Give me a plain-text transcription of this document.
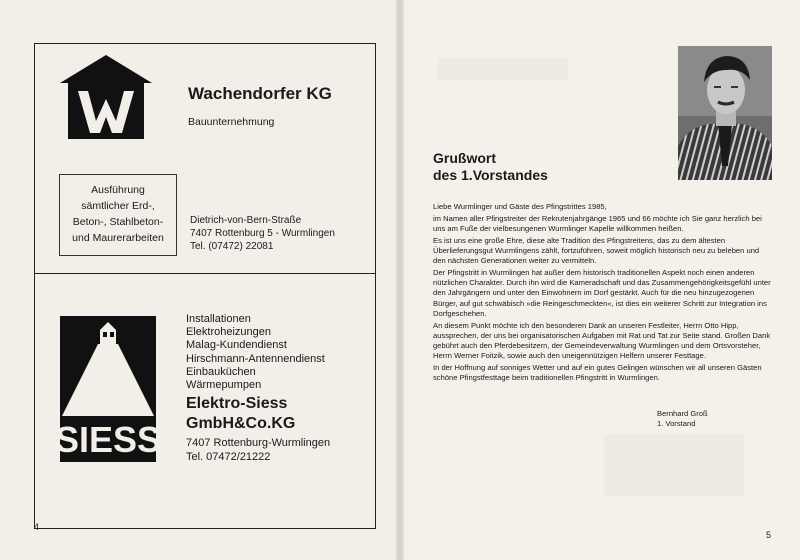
Wachendorfer KG
Bauunternehmung
Ausführung
sämtlicher Erd-,
Beton-, Stahlbeton-
und Maurerarbeiten
Dietrich-von-Bern-Straße
7407 Rottenburg 5 - Wurmlingen
Tel. (07472) 22081
SIESS
Installationen
Elektroheizungen
Malag-Kundendienst
Hirschmann-Antennendienst
Einbauküchen
Wärmepumpen
Elektro-Siess
GmbH&Co.KG
7407 Rottenburg-Wurmlingen
Tel. 07472/21222
4
Grußwort
des 1.Vorstandes

Liebe Wurmlinger und Gäste des Pfingstrittes 1985,

im Namen aller Pfingstreiter der Rekrutenjahrgänge 1965 und 66 möchte ich Sie ganz herzlich bei uns am Fuße der vielbesungenen Wurmlinger Kapelle willkommen heißen.

Es ist uns eine große Ehre, diese alte Tradition des Pfingstreitens, das zu dem ältesten Überlieferungsgut Wurmlingens zählt, fortzuführen, soweit möglich historisch neu zu beleben und den nächsten Generationen weiter zu vermitteln.

Der Pfingstritt in Wurmlingen hat außer dem historisch traditionellen Aspekt noch einen anderen nützlichen Charakter. Durch ihn wird die Kameradschaft und das Zusammengehörigkeitsgefühl unter den Jahrgängern und unter den Einwohnern im Dorf gestärkt. Auch für die neu hinzugezogenen Bürger, auf gut schwäbisch »die Reingeschmeckten«, ist dies ein weiterer Schritt zur Integration ins Dorfgeschehen.

An diesem Punkt möchte ich den besonderen Dank an unseren Festleiter, Herrn Otto Hipp, aussprechen, der uns bei organisatorischen Aufgaben mit Rat und Tat zur Seite stand. Großen Dank gebührt auch den Pferdebesitzern, der Gemeindeverwaltung Wurmlingen und dem Ortsvorsteher, Herrn Werner Foitzik, sowie auch den uneigennützigen Helfern unserer Festtage.

In der Hoffnung auf sonniges Wetter und auf ein gutes Gelingen wünschen wir all unseren Gästen schöne Pfingstfesttage beim traditionellen Pfingstritt in Wurmlingen.

Bernhard Groß
1. Vorstand
5
